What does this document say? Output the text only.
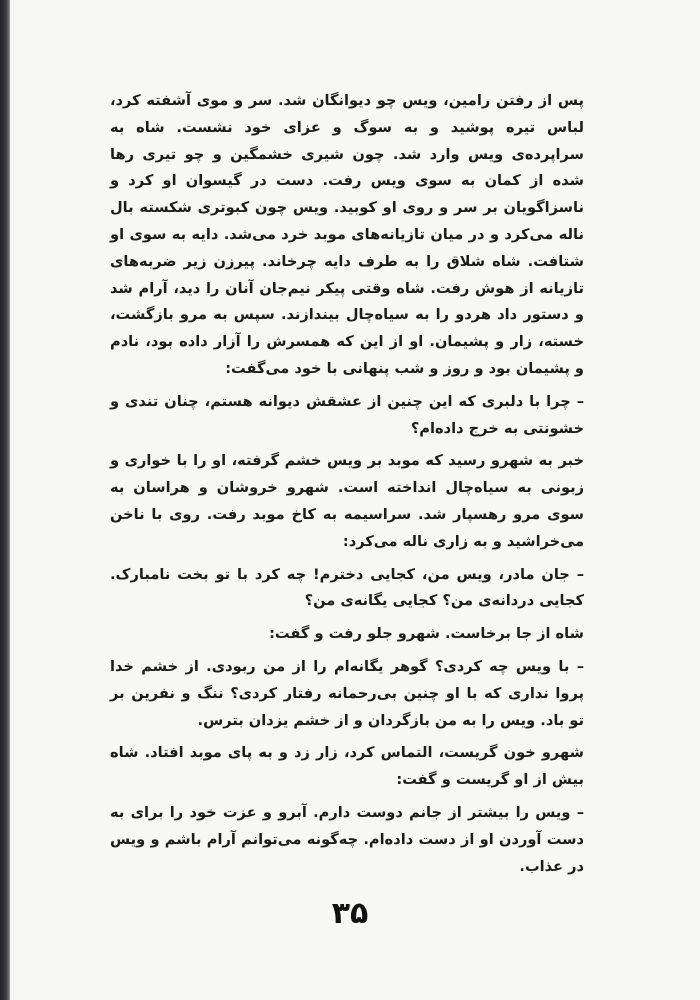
پس از رفتن رامین، ویس چو دیوانگان شد. سر و موی آشفته کرد، لباس تیره پوشید و به سوگ و عزای خود نشست. شاه به سراپرده‌ی ویس وارد شد. چون شیری خشمگین و چو تیری رها شده از کمان به سوی ویس رفت. دست در گیسوان او کرد و ناسزاگویان بر سر و روی او کوبید. ویس چون کبوتری شکسته بال ناله می‌کرد و در میان تازیانه‌های موبد خرد می‌شد. دایه به سوی او شتافت. شاه شلاق را به طرف دایه چرخاند. پیرزن زیر ضربه‌های تازیانه از هوش رفت. شاه وقتی پیکر نیم‌جان آنان را دید، آرام شد و دستور داد هردو را به سیاه‌چال بیندازند. سپس به مرو بازگشت، خسته، زار و پشیمان. او از این که همسرش را آزار داده بود، نادم و پشیمان بود و روز و شب پنهانی با خود می‌گفت:

– چرا با دلبری که این چنین از عشقش دیوانه هستم، چنان تندی و خشونتی به خرج داده‌ام؟

خبر به شهرو رسید که موبد بر ویس خشم گرفته، او را با خواری و زبونی به سیاه‌چال انداخته است. شهرو خروشان و هراسان به سوی مرو رهسپار شد. سراسیمه به کاخ موبد رفت. روی با ناخن می‌خراشید و به زاری ناله می‌کرد:

– جان مادر، ویس من، کجایی دخترم! چه کرد با تو بخت نامبارک. کجایی دردانه‌ی من؟ کجایی یگانه‌ی من؟

شاه از جا برخاست. شهرو جلو رفت و گفت:

– با ویس چه کردی؟ گوهر یگانه‌ام را از من ربودی. از خشم خدا پروا نداری که با او چنین بی‌رحمانه رفتار کردی؟ ننگ و نفرین بر تو باد. ویس را به من بازگردان و از خشم یزدان بترس.

شهرو خون گریست، التماس کرد، زار زد و به پای موبد افتاد. شاه بیش از او گریست و گفت:

– ویس را بیشتر از جانم دوست دارم. آبرو و عزت خود را برای به دست آوردن او از دست داده‌ام. چه‌گونه می‌توانم آرام باشم و ویس در عذاب.

۳۵
